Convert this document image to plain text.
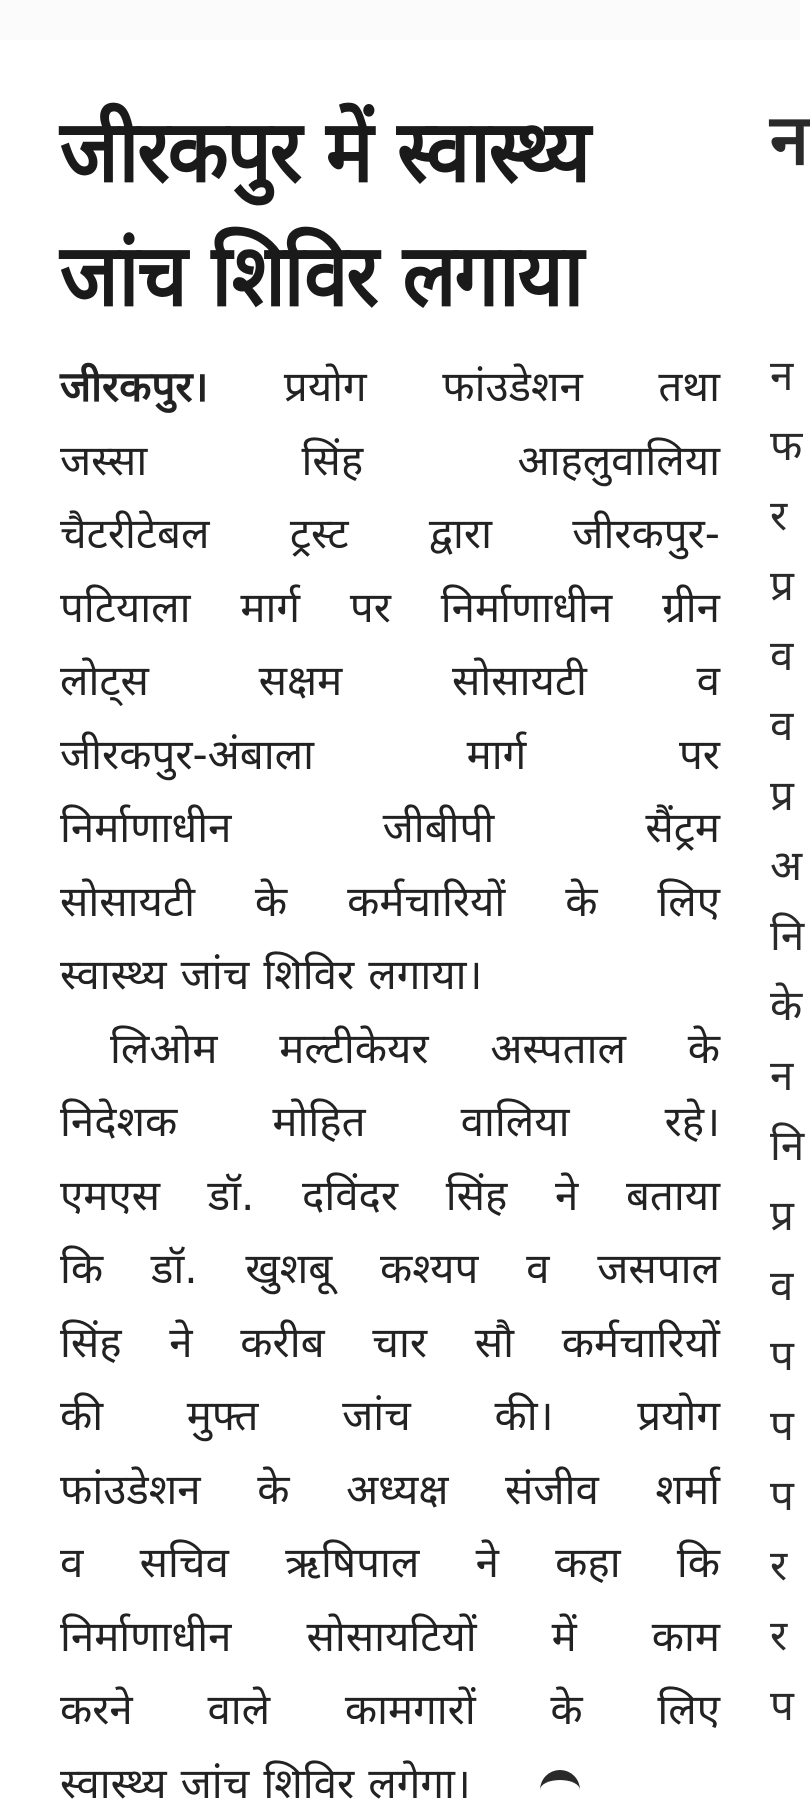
जीरकपुर में स्वास्थ्य
जांच शिविर लगाया
जीरकपुर। प्रयोग फांउडेशन तथा
जस्सा	सिंह	आहलुवालिया
चैटरीटेबल ट्रस्ट द्वारा जीरकपुर-
पटियाला मार्ग पर निर्माणाधीन ग्रीन
लोट्स	सक्षम	सोसायटी	व
जीरकपुर-अंबाला	मार्ग	पर
निर्माणाधीन	जीबीपी	सैंट्रम
सोसायटी के कर्मचारियों के लिए
स्वास्थ्य जांच शिविर लगाया।
लिओम मल्टीकेयर अस्पताल के
निदेशक मोहित वालिया रहे।
एमएस डॉ. दविंदर सिंह ने बताया
कि डॉ. खुशबू कश्यप व जसपाल
सिंह ने करीब चार सौ कर्मचारियों
की मुफ्त जांच की। प्रयोग
फांउडेशन के अध्यक्ष संजीव शर्मा
व सचिव ऋषिपाल ने कहा कि
निर्माणाधीन सोसायटियों में काम
करने वाले कामगारों के लिए
स्वास्थ्य जांच शिविर लगेगा।
न
न
फ
र
प्र
व
व
प्र
अ
नि
के
न
नि
प्र
व
प
प
प
र
र
प
